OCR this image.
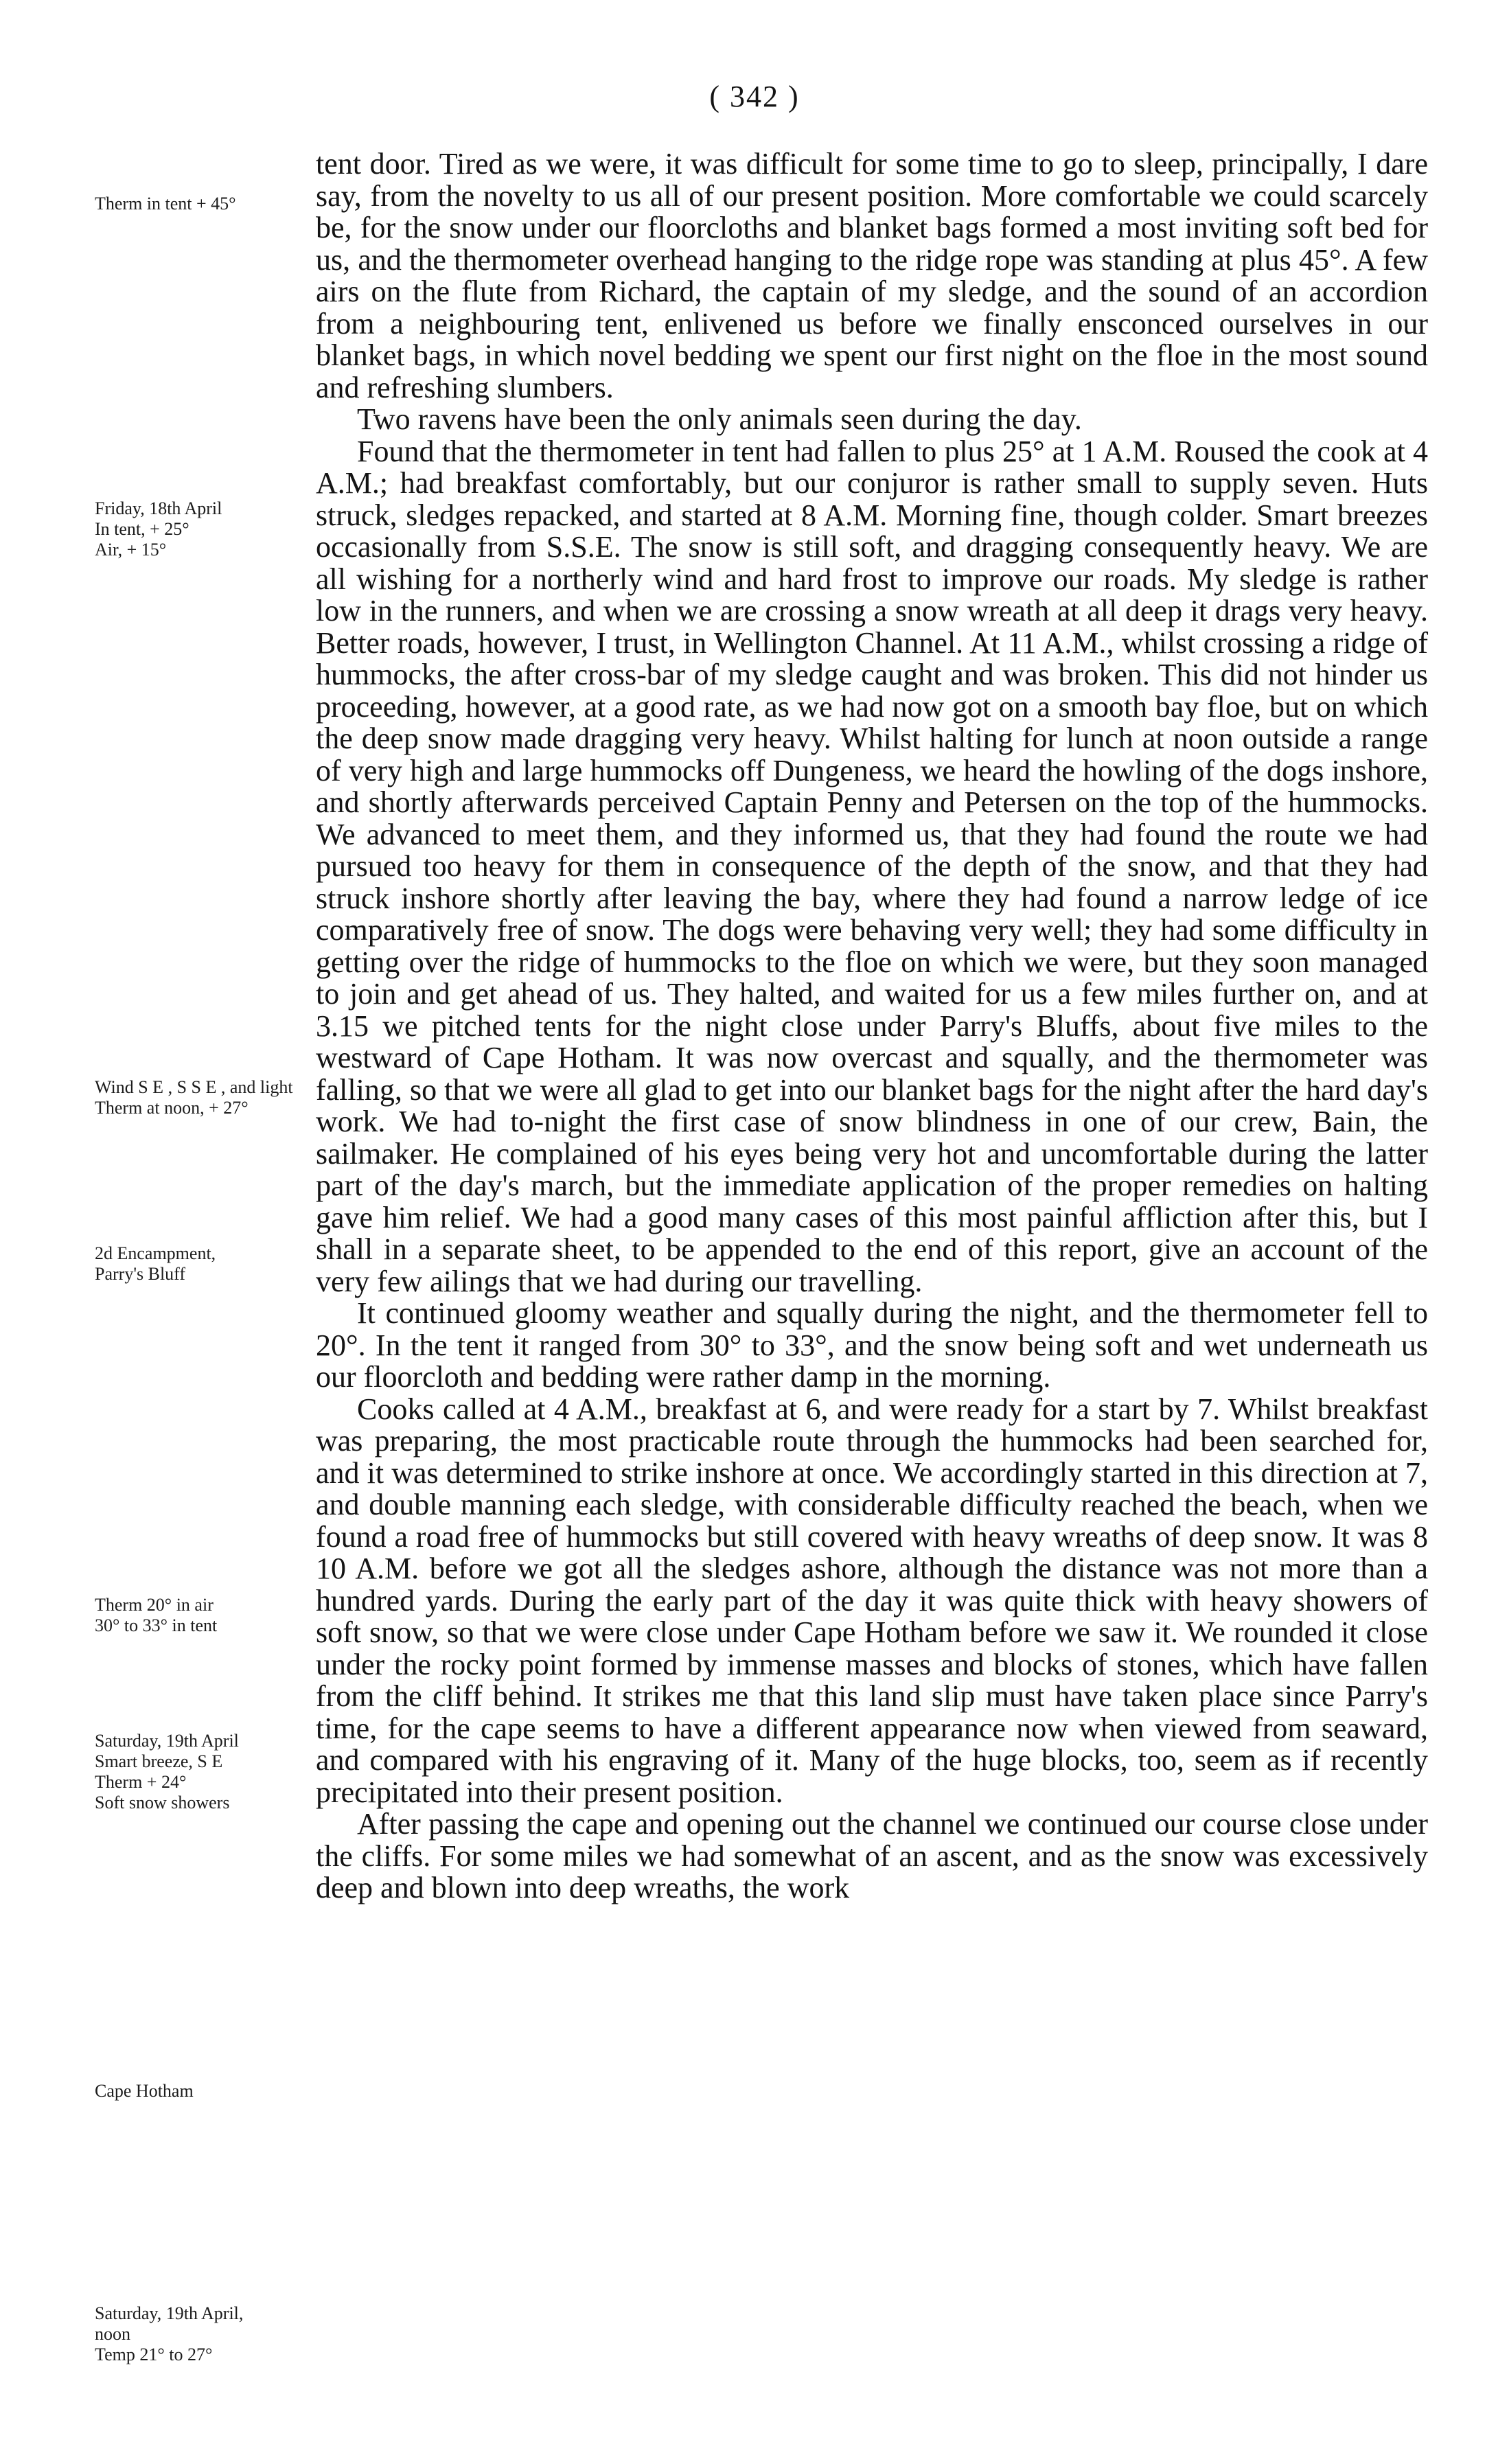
( 342 )
Therm in tent + 45°
Friday, 18th April
In tent, + 25°
Air, + 15°
Wind S E , S S E , and light
Therm at noon, + 27°
2d Encampment,
Parry's Bluff
Therm 20° in air
30° to 33° in tent
Saturday, 19th April
Smart breeze, S E
Therm + 24°
Soft snow showers
Cape Hotham
Saturday, 19th April,
noon
Temp 21° to 27°

tent door. Tired as we were, it was difficult for some time to go to sleep, principally, I dare say, from the novelty to us all of our present position. More comfortable we could scarcely be, for the snow under our floorcloths and blanket bags formed a most inviting soft bed for us, and the thermometer overhead hanging to the ridge rope was standing at plus 45°. A few airs on the flute from Richard, the captain of my sledge, and the sound of an accordion from a neighbouring tent, enlivened us before we finally ensconced ourselves in our blanket bags, in which novel bedding we spent our first night on the floe in the most sound and refreshing slumbers.

Two ravens have been the only animals seen during the day.

Found that the thermometer in tent had fallen to plus 25° at 1 A.M. Roused the cook at 4 A.M.; had breakfast comfortably, but our conjuror is rather small to supply seven. Huts struck, sledges repacked, and started at 8 A.M. Morning fine, though colder. Smart breezes occasionally from S.S.E. The snow is still soft, and dragging consequently heavy. We are all wishing for a northerly wind and hard frost to improve our roads. My sledge is rather low in the runners, and when we are crossing a snow wreath at all deep it drags very heavy. Better roads, however, I trust, in Wellington Channel. At 11 A.M., whilst crossing a ridge of hummocks, the after cross-bar of my sledge caught and was broken. This did not hinder us proceeding, however, at a good rate, as we had now got on a smooth bay floe, but on which the deep snow made dragging very heavy. Whilst halting for lunch at noon outside a range of very high and large hummocks off Dungeness, we heard the howling of the dogs inshore, and shortly afterwards perceived Captain Penny and Petersen on the top of the hummocks. We advanced to meet them, and they informed us, that they had found the route we had pursued too heavy for them in consequence of the depth of the snow, and that they had struck inshore shortly after leaving the bay, where they had found a narrow ledge of ice comparatively free of snow. The dogs were behaving very well; they had some difficulty in getting over the ridge of hummocks to the floe on which we were, but they soon managed to join and get ahead of us. They halted, and waited for us a few miles further on, and at 3.15 we pitched tents for the night close under Parry's Bluffs, about five miles to the westward of Cape Hotham. It was now overcast and squally, and the thermometer was falling, so that we were all glad to get into our blanket bags for the night after the hard day's work. We had to-night the first case of snow blindness in one of our crew, Bain, the sailmaker. He complained of his eyes being very hot and uncomfortable during the latter part of the day's march, but the immediate application of the proper remedies on halting gave him relief. We had a good many cases of this most painful affliction after this, but I shall in a separate sheet, to be appended to the end of this report, give an account of the very few ailings that we had during our travelling.

It continued gloomy weather and squally during the night, and the thermometer fell to 20°. In the tent it ranged from 30° to 33°, and the snow being soft and wet underneath us our floorcloth and bedding were rather damp in the morning.

Cooks called at 4 A.M., breakfast at 6, and were ready for a start by 7. Whilst breakfast was preparing, the most practicable route through the hummocks had been searched for, and it was determined to strike inshore at once. We accordingly started in this direction at 7, and double manning each sledge, with considerable difficulty reached the beach, when we found a road free of hummocks but still covered with heavy wreaths of deep snow. It was 8 10 A.M. before we got all the sledges ashore, although the distance was not more than a hundred yards. During the early part of the day it was quite thick with heavy showers of soft snow, so that we were close under Cape Hotham before we saw it. We rounded it close under the rocky point formed by immense masses and blocks of stones, which have fallen from the cliff behind. It strikes me that this land slip must have taken place since Parry's time, for the cape seems to have a different appearance now when viewed from seaward, and compared with his engraving of it. Many of the huge blocks, too, seem as if recently precipitated into their present position.

After passing the cape and opening out the channel we continued our course close under the cliffs. For some miles we had somewhat of an ascent, and as the snow was excessively deep and blown into deep wreaths, the work
